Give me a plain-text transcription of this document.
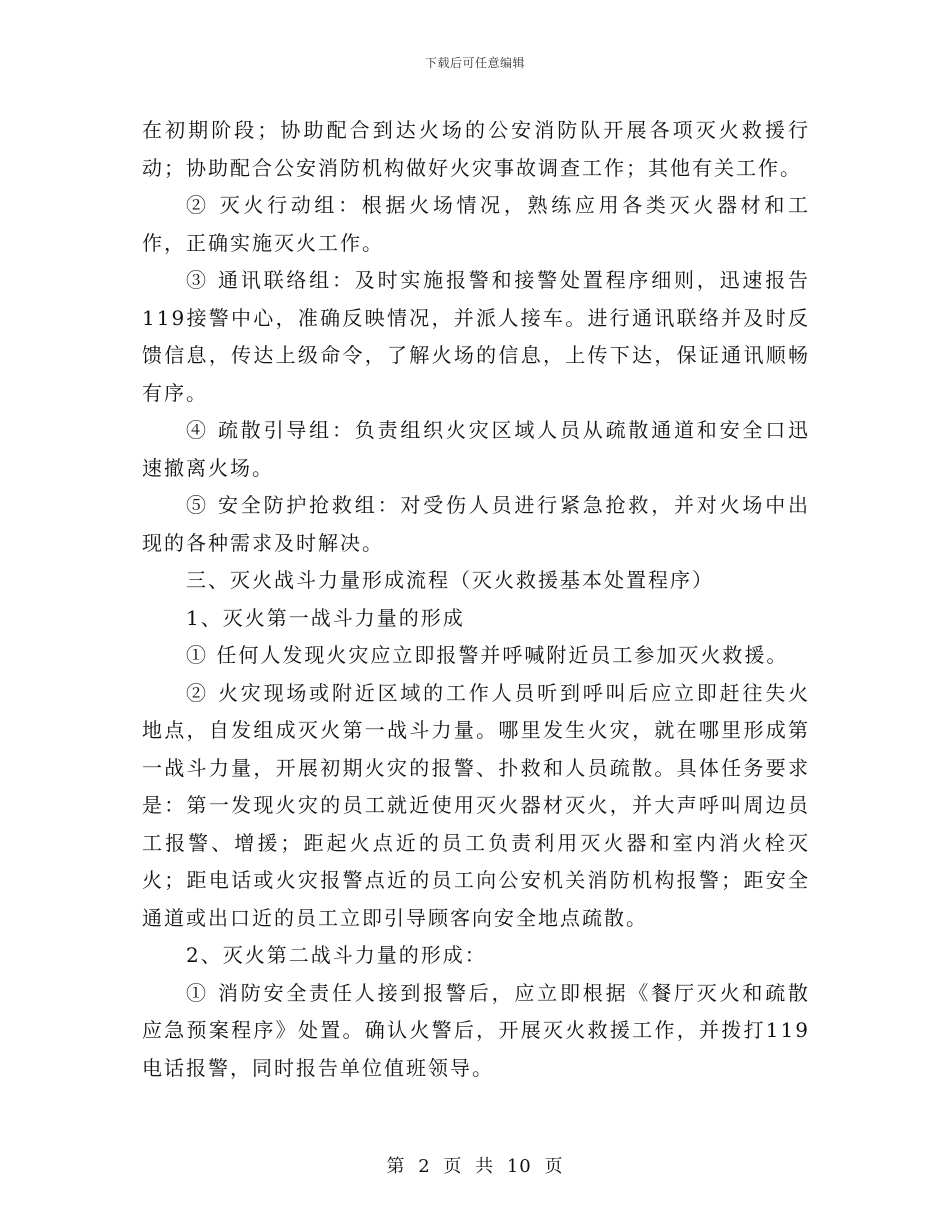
下载后可任意编辑

在初期阶段；协助配合到达火场的公安消防队开展各项灭火救援行动；协助配合公安消防机构做好火灾事故调查工作；其他有关工作。

② 灭火行动组：根据火场情况，熟练应用各类灭火器材和工作，正确实施灭火工作。

③ 通讯联络组：及时实施报警和接警处置程序细则，迅速报告119接警中心，准确反映情况，并派人接车。进行通讯联络并及时反馈信息，传达上级命令，了解火场的信息，上传下达，保证通讯顺畅有序。

④ 疏散引导组：负责组织火灾区域人员从疏散通道和安全口迅速撤离火场。

⑤ 安全防护抢救组：对受伤人员进行紧急抢救，并对火场中出现的各种需求及时解决。

三、灭火战斗力量形成流程（灭火救援基本处置程序）

1、灭火第一战斗力量的形成

① 任何人发现火灾应立即报警并呼喊附近员工参加灭火救援。

② 火灾现场或附近区域的工作人员听到呼叫后应立即赶往失火地点，自发组成灭火第一战斗力量。哪里发生火灾，就在哪里形成第一战斗力量，开展初期火灾的报警、扑救和人员疏散。具体任务要求是：第一发现火灾的员工就近使用灭火器材灭火，并大声呼叫周边员工报警、增援；距起火点近的员工负责利用灭火器和室内消火栓灭火；距电话或火灾报警点近的员工向公安机关消防机构报警；距安全通道或出口近的员工立即引导顾客向安全地点疏散。

2、灭火第二战斗力量的形成：

① 消防安全责任人接到报警后，应立即根据《餐厅灭火和疏散应急预案程序》处置。确认火警后，开展灭火救援工作，并拨打119电话报警，同时报告单位值班领导。

第 2 页 共 10 页
